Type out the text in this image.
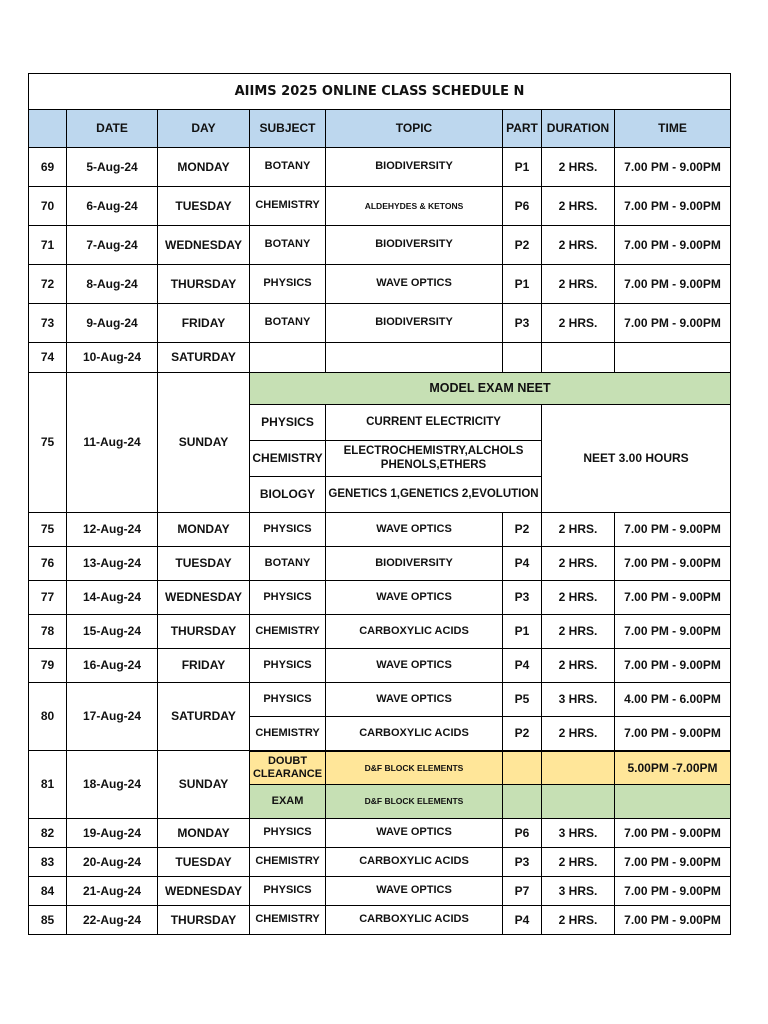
AIIMS 2025 ONLINE CLASS SCHEDULE N							
	DATE	DAY	SUBJECT	TOPIC	PART	DURATION	TIME
69	5-Aug-24	MONDAY	BOTANY	BIODIVERSITY	P1	2 HRS.	7.00 PM - 9.00PM
70	6-Aug-24	TUESDAY	CHEMISTRY	ALDEHYDES & KETONS	P6	2 HRS.	7.00 PM - 9.00PM
71	7-Aug-24	WEDNESDAY	BOTANY	BIODIVERSITY	P2	2 HRS.	7.00 PM - 9.00PM
72	8-Aug-24	THURSDAY	PHYSICS	WAVE OPTICS	P1	2 HRS.	7.00 PM - 9.00PM
73	9-Aug-24	FRIDAY	BOTANY	BIODIVERSITY	P3	2 HRS.	7.00 PM - 9.00PM
74	10-Aug-24	SATURDAY					
75	11-Aug-24	SUNDAY	MODEL EXAM NEET				
			PHYSICS	CURRENT ELECTRICITY		NEET 3.00 HOURS	
			CHEMISTRY	ELECTROCHEMISTRY,ALCHOLS PHENOLS,ETHERS			
			BIOLOGY	GENETICS 1,GENETICS 2,EVOLUTION			
75	12-Aug-24	MONDAY	PHYSICS	WAVE OPTICS	P2	2 HRS.	7.00 PM - 9.00PM
76	13-Aug-24	TUESDAY	BOTANY	BIODIVERSITY	P4	2 HRS.	7.00 PM - 9.00PM
77	14-Aug-24	WEDNESDAY	PHYSICS	WAVE OPTICS	P3	2 HRS.	7.00 PM - 9.00PM
78	15-Aug-24	THURSDAY	CHEMISTRY	CARBOXYLIC ACIDS	P1	2 HRS.	7.00 PM - 9.00PM
79	16-Aug-24	FRIDAY	PHYSICS	WAVE OPTICS	P4	2 HRS.	7.00 PM - 9.00PM
80	17-Aug-24	SATURDAY	PHYSICS	WAVE OPTICS	P5	3 HRS.	4.00 PM - 6.00PM
			CHEMISTRY	CARBOXYLIC ACIDS	P2	2 HRS.	7.00 PM - 9.00PM
81	18-Aug-24	SUNDAY	DOUBT CLEARANCE	D&F BLOCK ELEMENTS			5.00PM -7.00PM
			EXAM	D&F BLOCK ELEMENTS			
82	19-Aug-24	MONDAY	PHYSICS	WAVE OPTICS	P6	3 HRS.	7.00 PM - 9.00PM
83	20-Aug-24	TUESDAY	CHEMISTRY	CARBOXYLIC ACIDS	P3	2 HRS.	7.00 PM - 9.00PM
84	21-Aug-24	WEDNESDAY	PHYSICS	WAVE OPTICS	P7	3 HRS.	7.00 PM - 9.00PM
85	22-Aug-24	THURSDAY	CHEMISTRY	CARBOXYLIC ACIDS	P4	2 HRS.	7.00 PM - 9.00PM
